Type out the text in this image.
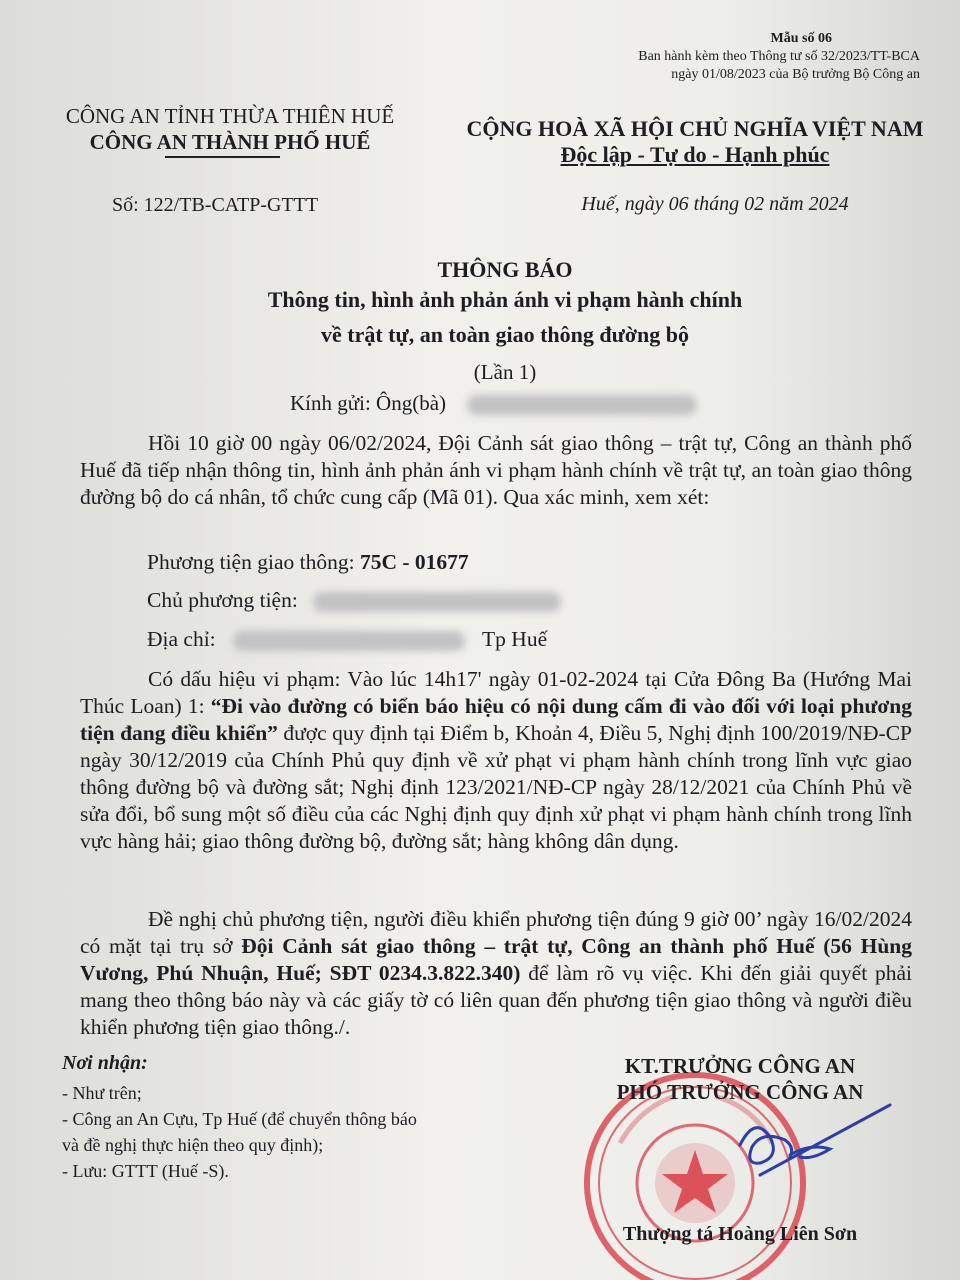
Mẫu số 06
Ban hành kèm theo Thông tư số 32/2023/TT-BCA
ngày 01/08/2023 của Bộ trưởng Bộ Công an
CÔNG AN TỈNH THỪA THIÊN HUẾ
CÔNG AN THÀNH PHỐ HUẾ
CỘNG HOÀ XÃ HỘI CHỦ NGHĨA VIỆT NAM
Độc lập - Tự do - Hạnh phúc
Số: 122/TB-CATP-GTTT	Huế, ngày 06 tháng 02 năm 2024
THÔNG BÁO
Thông tin, hình ảnh phản ánh vi phạm hành chính
về trật tự, an toàn giao thông đường bộ
(Lần 1)
Kính gửi: Ông(bà)
Hồi 10 giờ 00 ngày 06/02/2024, Đội Cảnh sát giao thông – trật tự, Công an thành phố Huế đã tiếp nhận thông tin, hình ảnh phản ánh vi phạm hành chính về trật tự, an toàn giao thông đường bộ do cá nhân, tổ chức cung cấp (Mã 01). Qua xác minh, xem xét:
Phương tiện giao thông: 75C - 01677
Chủ phương tiện:
Địa chỉ:	Tp Huế
Có dấu hiệu vi phạm: Vào lúc 14h17' ngày 01-02-2024 tại Cửa Đông Ba (Hướng Mai Thúc Loan) 1: “Đi vào đường có biển báo hiệu có nội dung cấm đi vào đối với loại phương tiện đang điều khiển” được quy định tại Điểm b, Khoản 4, Điều 5, Nghị định 100/2019/NĐ-CP ngày 30/12/2019 của Chính Phủ quy định về xử phạt vi phạm hành chính trong lĩnh vực giao thông đường bộ và đường sắt; Nghị định 123/2021/NĐ-CP ngày 28/12/2021 của Chính Phủ về sửa đổi, bổ sung một số điều của các Nghị định quy định xử phạt vi phạm hành chính trong lĩnh vực hàng hải; giao thông đường bộ, đường sắt; hàng không dân dụng.
Đề nghị chủ phương tiện, người điều khiển phương tiện đúng 9 giờ 00’ ngày 16/02/2024 có mặt tại trụ sở Đội Cảnh sát giao thông – trật tự, Công an thành phố Huế (56 Hùng Vương, Phú Nhuận, Huế; SĐT 0234.3.822.340) để làm rõ vụ việc. Khi đến giải quyết phải mang theo thông báo này và các giấy tờ có liên quan đến phương tiện giao thông và người điều khiển phương tiện giao thông./.
Nơi nhận:
- Như trên;
- Công an An Cựu, Tp Huế (để chuyển thông báo
và đề nghị thực hiện theo quy định);
- Lưu: GTTT (Huế -S).
KT.TRƯỞNG CÔNG AN
PHÓ TRƯỞNG CÔNG AN
Thượng tá Hoàng Liên Sơn
